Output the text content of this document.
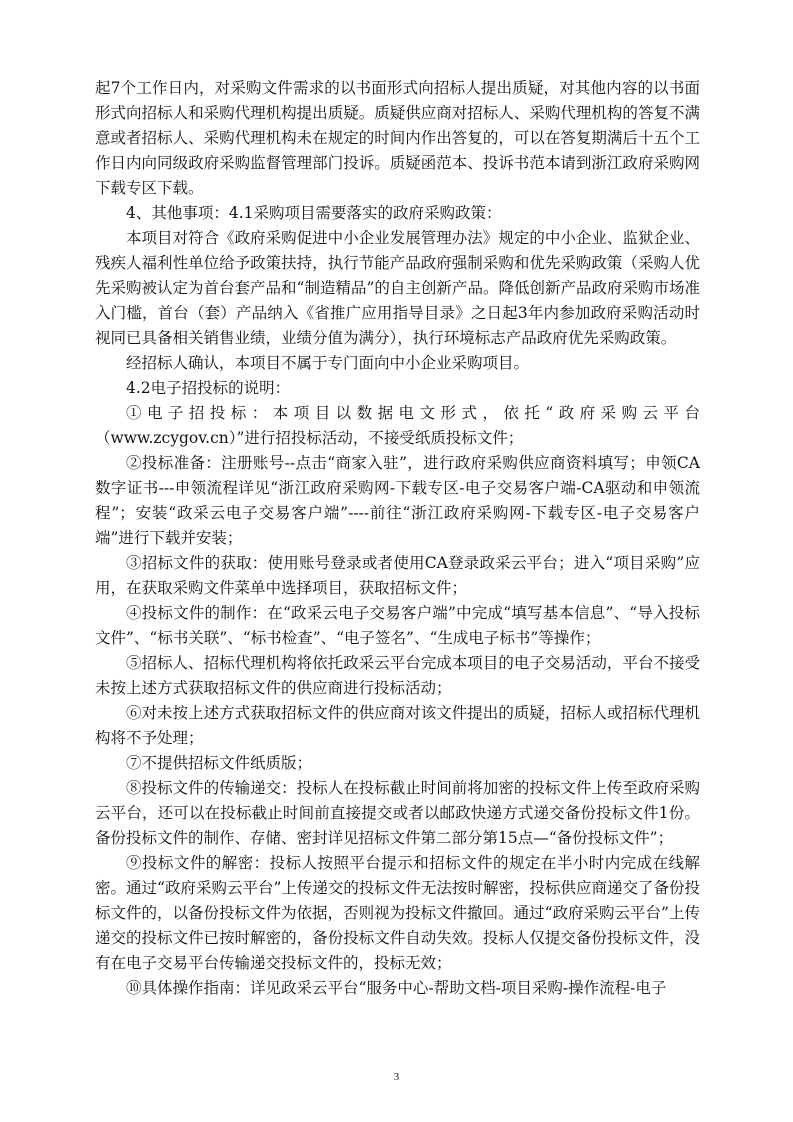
起7个工作日内，对采购文件需求的以书面形式向招标人提出质疑，对其他内容的以书面形式向招标人和采购代理机构提出质疑。质疑供应商对招标人、采购代理机构的答复不满意或者招标人、采购代理机构未在规定的时间内作出答复的，可以在答复期满后十五个工作日内向同级政府采购监督管理部门投诉。质疑函范本、投诉书范本请到浙江政府采购网下载专区下载。

4、其他事项：4.1采购项目需要落实的政府采购政策：

本项目对符合《政府采购促进中小企业发展管理办法》规定的中小企业、监狱企业、残疾人福利性单位给予政策扶持，执行节能产品政府强制采购和优先采购政策（采购人优先采购被认定为首台套产品和“制造精品”的自主创新产品。降低创新产品政府采购市场准入门槛，首台（套）产品纳入《省推广应用指导目录》之日起3年内参加政府采购活动时视同已具备相关销售业绩，业绩分值为满分），执行环境标志产品政府优先采购政策。

经招标人确认，本项目不属于专门面向中小企业采购项目。

4.2电子招投标的说明：

①电子招投标：本项目以数据电文形式，依托“政府采购云平台（www.zcygov.cn）”进行招投标活动，不接受纸质投标文件；

②投标准备：注册账号--点击“商家入驻”，进行政府采购供应商资料填写；申领CA数字证书---申领流程详见“浙江政府采购网-下载专区-电子交易客户端-CA驱动和申领流程”；安装“政采云电子交易客户端”----前往“浙江政府采购网-下载专区-电子交易客户端”进行下载并安装；

③招标文件的获取：使用账号登录或者使用CA登录政采云平台；进入“项目采购”应用，在获取采购文件菜单中选择项目，获取招标文件；

④投标文件的制作：在“政采云电子交易客户端”中完成“填写基本信息”、“导入投标文件”、“标书关联”、“标书检查”、“电子签名”、“生成电子标书”等操作；

⑤招标人、招标代理机构将依托政采云平台完成本项目的电子交易活动，平台不接受未按上述方式获取招标文件的供应商进行投标活动；

⑥对未按上述方式获取招标文件的供应商对该文件提出的质疑，招标人或招标代理机构将不予处理；

⑦不提供招标文件纸质版；

⑧投标文件的传输递交：投标人在投标截止时间前将加密的投标文件上传至政府采购云平台，还可以在投标截止时间前直接提交或者以邮政快递方式递交备份投标文件1份。备份投标文件的制作、存储、密封详见招标文件第二部分第15点—“备份投标文件”；

⑨投标文件的解密：投标人按照平台提示和招标文件的规定在半小时内完成在线解密。通过“政府采购云平台”上传递交的投标文件无法按时解密，投标供应商递交了备份投标文件的，以备份投标文件为依据，否则视为投标文件撤回。通过“政府采购云平台”上传递交的投标文件已按时解密的，备份投标文件自动失效。投标人仅提交备份投标文件，没有在电子交易平台传输递交投标文件的，投标无效；

⑩具体操作指南：详见政采云平台“服务中心-帮助文档-项目采购-操作流程-电子

3
